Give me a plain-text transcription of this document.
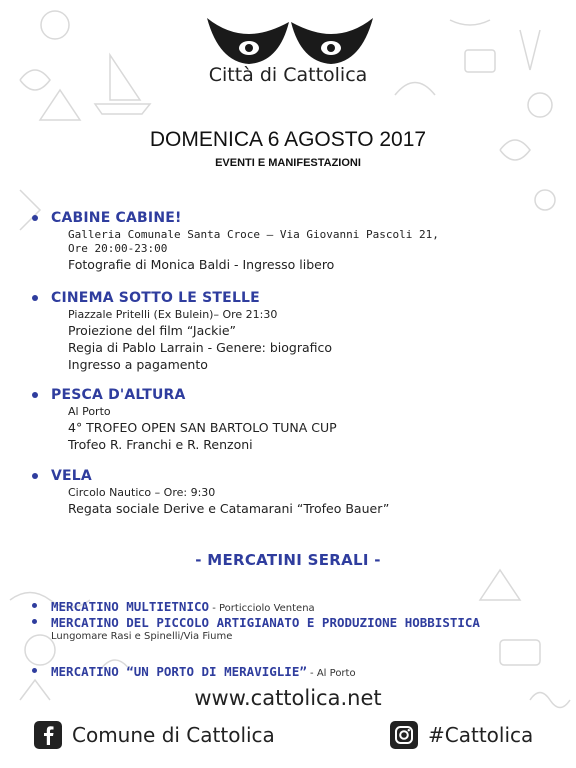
Città di Cattolica
DOMENICA 6 AGOSTO 2017
EVENTI E MANIFESTAZIONI
CABINE CABINE!
Galleria Comunale Santa Croce – Via Giovanni Pascoli 21,
Ore 20:00-23:00
Fotografie di Monica Baldi - Ingresso libero
CINEMA SOTTO LE STELLE
Piazzale Pritelli (Ex Bulein)– Ore 21:30
Proiezione del film “Jackie”
Regia di Pablo Larrain - Genere: biografico
Ingresso a pagamento
PESCA D'ALTURA
Al Porto
4° TROFEO OPEN SAN BARTOLO TUNA CUP
Trofeo R. Franchi e R. Renzoni
VELA
Circolo Nautico – Ore: 9:30
Regata sociale Derive e Catamarani “Trofeo Bauer”
- MERCATINI SERALI -
MERCATINO MULTIETNICO - Porticciolo Ventena
MERCATINO DEL PICCOLO ARTIGIANATO E PRODUZIONE HOBBISTICA
Lungomare Rasi e Spinelli/Via Fiume
MERCATINO “UN PORTO DI MERAVIGLIE” - Al Porto
www.cattolica.net
Comune di Cattolica	#Cattolica
